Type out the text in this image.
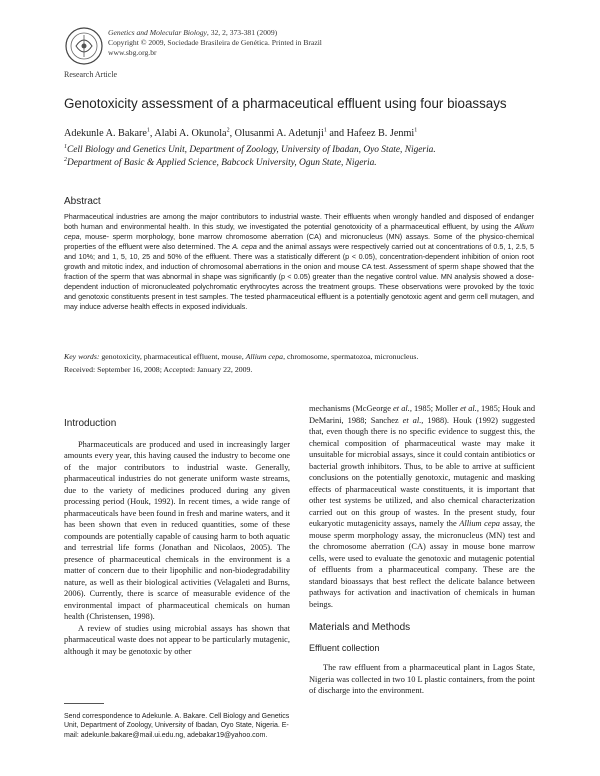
Genetics and Molecular Biology, 32, 2, 373-381 (2009)
Copyright © 2009, Sociedade Brasileira de Genética. Printed in Brazil
www.sbg.org.br
Research Article
Genotoxicity assessment of a pharmaceutical effluent using four bioassays
Adekunle A. Bakare$^1$, Alabi A. Okunola$^2$, Olusanmi A. Adetunji$^1$ and Hafeez B. Jenmi$^1$
$^1$Cell Biology and Genetics Unit, Department of Zoology, University of Ibadan, Oyo State, Nigeria.
$^2$Department of Basic & Applied Science, Babcock University, Ogun State, Nigeria.
Abstract
Pharmaceutical industries are among the major contributors to industrial waste. Their effluents when wrongly handled and disposed of endanger both human and environmental health. In this study, we investigated the potential genotoxicity of a pharmaceutical effluent, by using the Allium cepa, mouse- sperm morphology, bone marrow chromosome aberration (CA) and micronucleus (MN) assays. Some of the physico-chemical properties of the effluent were also determined. The A. cepa and the animal assays were respectively carried out at concentrations of 0.5, 1, 2.5, 5 and 10%; and 1, 5, 10, 25 and 50% of the effluent. There was a statistically different (p < 0.05), concentration-dependent inhibition of onion root growth and mitotic index, and induction of chromosomal aberrations in the onion and mouse CA test. Assessment of sperm shape showed that the fraction of the sperm that was abnormal in shape was significantly (p < 0.05) greater than the negative control value. MN analysis showed a dose-dependent induction of micronucleated polychromatic erythrocytes across the treatment groups. These observations were provoked by the toxic and genotoxic constituents present in test samples. The tested pharmaceutical effluent is a potentially genotoxic agent and germ cell mutagen, and may induce adverse health effects in exposed individuals.
Key words: genotoxicity, pharmaceutical effluent, mouse, Allium cepa, chromosome, spermatozoa, micronucleus.
Received: September 16, 2008; Accepted: January 22, 2009.
Introduction

Pharmaceuticals are produced and used in increasingly larger amounts every year, this having caused the industry to become one of the major contributors to industrial waste. Generally, pharmaceutical industries do not generate uniform waste streams, due to the variety of medicines produced during any given processing period (Houk, 1992). In recent times, a wide range of pharmaceuticals have been found in fresh and marine waters, and it has been shown that even in reduced quantities, some of these compounds are potentially capable of causing harm to both aquatic and terrestrial life forms (Jonathan and Nicolaos, 2005). The presence of pharmaceutical chemicals in the environment is a matter of concern due to their lipophilic and non-biodegradability nature, as well as their biological activities (Velagaleti and Burns, 2006). Currently, there is scarce of measurable evidence of the environmental impact of pharmaceutical chemicals on human health (Christensen, 1998).

A review of studies using microbial assays has shown that pharmaceutical waste does not appear to be particularly mutagenic, although it may be genotoxic by other

mechanisms (McGeorge et al., 1985; Moller et al., 1985; Houk and DeMarini, 1988; Sanchez et al., 1988). Houk (1992) suggested that, even though there is no specific evidence to suggest this, the chemical composition of pharmaceutical waste may make it unsuitable for microbial assays, since it could contain antibiotics or bacterial growth inhibitors. Thus, to be able to arrive at sufficient conclusions on the potentially genotoxic, mutagenic and masking effects of pharmaceutical waste constituents, it is important that other test systems be utilized, and also chemical characterization carried out on this group of wastes. In the present study, four eukaryotic mutagenicity assays, namely the Allium cepa assay, the mouse sperm morphology assay, the micronucleus (MN) test and the chromosome aberration (CA) assay in mouse bone marrow cells, were used to evaluate the genotoxic and mutagenic potential of effluents from a pharmaceutical company. These are the standard bioassays that best reflect the delicate balance between pathways for activation and inactivation of chemicals in human beings.

Materials and Methods
Effluent collection

The raw effluent from a pharmaceutical plant in Lagos State, Nigeria was collected in two 10 L plastic containers, from the point of discharge into the environment.

Send correspondence to Adekunle. A. Bakare. Cell Biology and Genetics Unit, Department of Zoology, University of Ibadan, Oyo State, Nigeria. E-mail: adekunle.bakare@mail.ui.edu.ng, adebakar19@yahoo.com.
